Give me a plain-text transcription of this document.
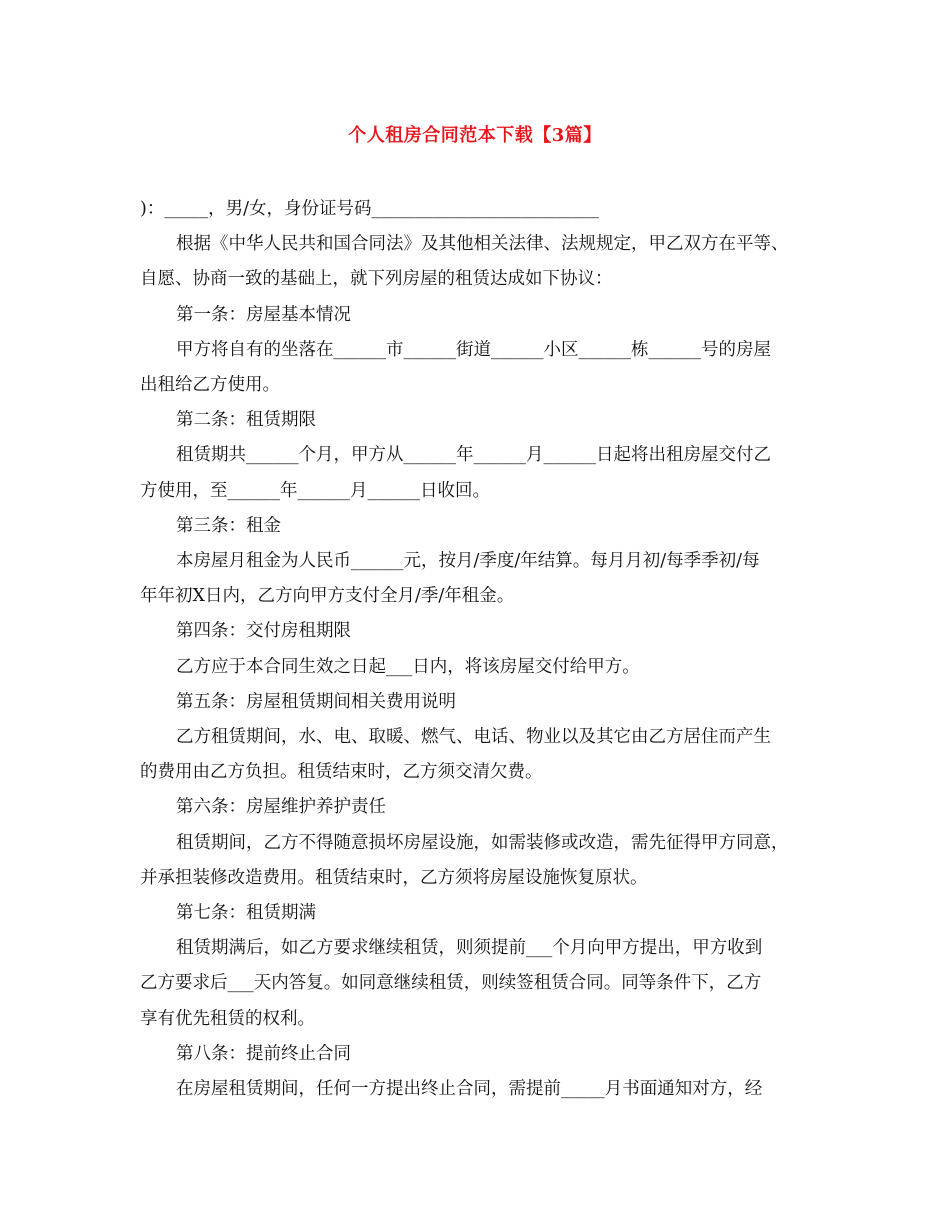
个人租房合同范本下载【3篇】

)：_____，男/女，身份证号码__________________________

根据《中华人民共和国合同法》及其他相关法律、法规规定，甲乙双方在平等、

自愿、协商一致的基础上，就下列房屋的租赁达成如下协议：

第一条：房屋基本情况

甲方将自有的坐落在______市______街道______小区______栋______号的房屋

出租给乙方使用。

第二条：租赁期限

租赁期共______个月，甲方从______年______月______日起将出租房屋交付乙

方使用，至______年______月______日收回。

第三条：租金

本房屋月租金为人民币______元，按月/季度/年结算。每月月初/每季季初/每

年年初X日内，乙方向甲方支付全月/季/年租金。

第四条：交付房租期限

乙方应于本合同生效之日起___日内，将该房屋交付给甲方。

第五条：房屋租赁期间相关费用说明

乙方租赁期间，水、电、取暖、燃气、电话、物业以及其它由乙方居住而产生

的费用由乙方负担。租赁结束时，乙方须交清欠费。

第六条：房屋维护养护责任

租赁期间，乙方不得随意损坏房屋设施，如需装修或改造，需先征得甲方同意，

并承担装修改造费用。租赁结束时，乙方须将房屋设施恢复原状。

第七条：租赁期满

租赁期满后，如乙方要求继续租赁，则须提前___个月向甲方提出，甲方收到

乙方要求后___天内答复。如同意继续租赁，则续签租赁合同。同等条件下，乙方

享有优先租赁的权利。

第八条：提前终止合同

在房屋租赁期间，任何一方提出终止合同，需提前_____月书面通知对方，经
